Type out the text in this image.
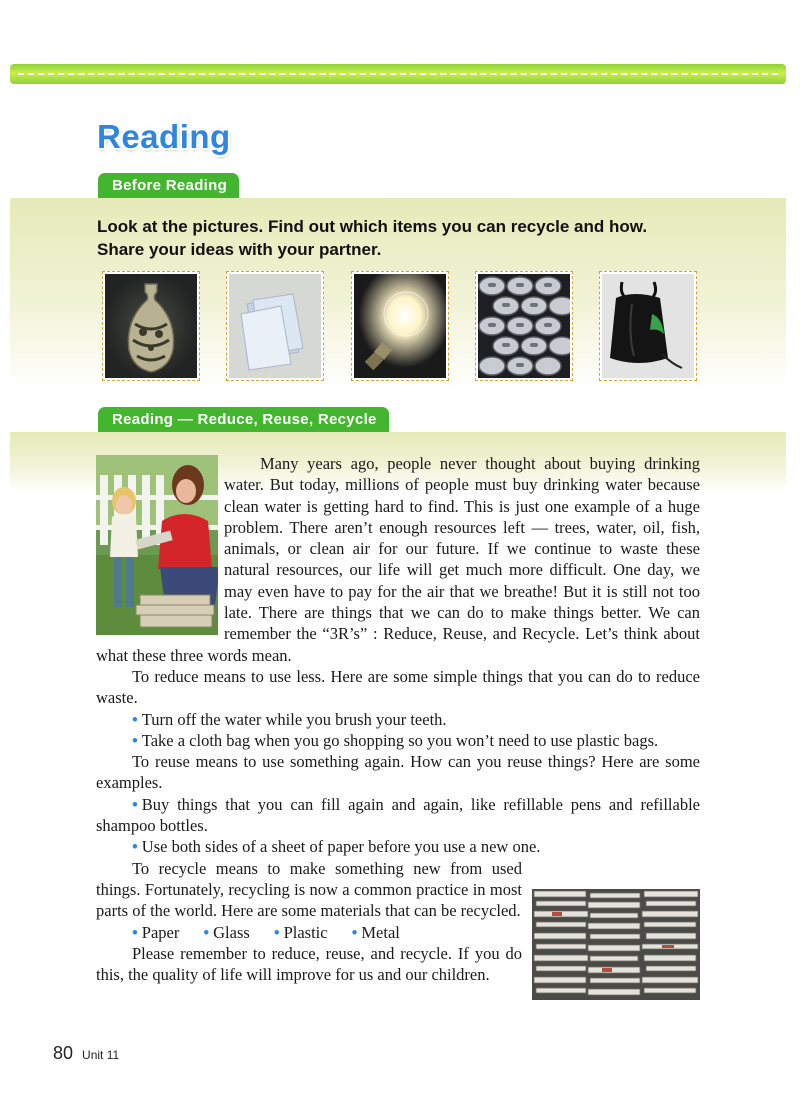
Reading
Before Reading
Look at the pictures. Find out which items you can recycle and how.
Share your ideas with your partner.
Reading — Reduce, Reuse, Recycle

Many years ago, people never thought about buying drinking water. But today, millions of people must buy drinking water because clean water is getting hard to find. This is just one example of a huge problem. There aren’t enough resources left — trees, water, oil, fish, animals, or clean air for our future. If we continue to waste these natural resources, our life will get much more difficult. One day, we may even have to pay for the air that we breathe! But it is still not too late. There are things that we can do to make things better. We can remember the “3R’s” : Reduce, Reuse, and Recycle. Let’s think about what these three words mean.

To reduce means to use less. Here are some simple things that you can do to reduce waste.

• Turn off the water while you brush your teeth.

• Take a cloth bag when you go shopping so you won’t need to use plastic bags.

To reuse means to use something again. How can you reuse things? Here are some examples.

• Buy things that you can fill again and again, like refillable pens and refillable shampoo bottles.

• Use both sides of a sheet of paper before you use a new one.

To recycle means to make something new from used things. Fortunately, recycling is now a common practice in most parts of the world. Here are some materials that can be recycled.

• Paper • Glass • Plastic • Metal

Please remember to reduce, reuse, and recycle. If you do this, the quality of life will improve for us and our children.

80 Unit 11
